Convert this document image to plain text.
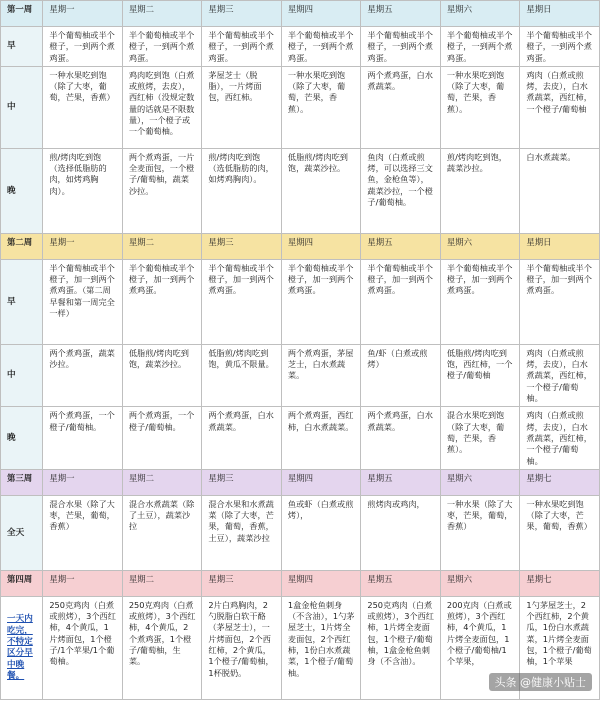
第一周	星期一	星期二	星期三	星期四	星期五	星期六	星期日
早	半个葡萄柚或半个橙子，一到两个煮鸡蛋。	半个葡萄柚或半个橙子，一到两个煮鸡蛋。	半个葡萄柚或半个橙子，一到两个煮鸡蛋。	半个葡萄柚或半个橙子，一到两个煮鸡蛋。	半个葡萄柚或半个橙子，一到两个煮鸡蛋。	半个葡萄柚或半个橙子，一到两个煮鸡蛋。	半个葡萄柚或半个橙子，一到两个煮鸡蛋。
中	一种水果吃到饱（除了大枣，葡萄，芒果，香蕉）	鸡肉吃到饱（白煮或煎烤，去皮），西红柿（没规定数量的话就是不限数量），一个橙子或一个葡萄柚。	茅屋芝士（脱脂），一片烤面包，西红柿。	一种水果吃到饱（除了大枣，葡萄，芒果，香蕉）。	两个煮鸡蛋，白水煮蔬菜。	一种水果吃到饱（除了大枣，葡萄，芒果，香蕉）。	鸡肉（白煮或煎烤，去皮），白水煮蔬菜，西红柿，一个橙子/葡萄柚
晚	煎/烤肉吃到饱（选择低脂肪的肉，如烤鸡胸肉）。	两个煮鸡蛋，一片全麦面包，一个橙子/葡萄柚，蔬菜沙拉。	煎/烤肉吃到饱（选低脂肪的肉，如烤鸡胸肉）。	低脂煎/烤肉吃到饱，蔬菜沙拉。	鱼肉（白煮或煎烤，可以选择三文鱼，金枪鱼等），蔬菜沙拉，一个橙子/葡萄柚。	煎/烤肉吃到饱，蔬菜沙拉。	白水煮蔬菜。
第二周	星期一	星期二	星期三	星期四	星期五	星期六	星期日
早	半个葡萄柚或半个橙子，加一到两个煮鸡蛋。（第二周早餐和第一周完全一样）	半个葡萄柚或半个橙子，加一到两个煮鸡蛋。	半个葡萄柚或半个橙子，加一到两个煮鸡蛋。	半个葡萄柚或半个橙子，加一到两个煮鸡蛋。	半个葡萄柚或半个橙子，加一到两个煮鸡蛋。	半个葡萄柚或半个橙子，加一到两个煮鸡蛋。	半个葡萄柚或半个橙子，加一到两个煮鸡蛋。
中	两个煮鸡蛋，蔬菜沙拉。	低脂煎/烤肉吃到饱，蔬菜沙拉。	低脂煎/烤肉吃到饱，黄瓜不限量。	两个煮鸡蛋，茅屋芝士，白水煮蔬菜。	鱼/虾（白煮或煎烤）	低脂煎/烤肉吃到饱，西红柿，一个橙子/葡萄柚	鸡肉（白煮或煎烤，去皮），白水煮蔬菜，西红柿，一个橙子/葡萄柚。
晚	两个煮鸡蛋，一个橙子/葡萄柚。	两个煮鸡蛋，一个橙子/葡萄柚。	两个煮鸡蛋，白水煮蔬菜。	两个煮鸡蛋，西红柿，白水煮蔬菜。	两个煮鸡蛋，白水煮蔬菜。	混合水果吃到饱（除了大枣，葡萄，芒果，香蕉）。	鸡肉（白煮或煎烤，去皮），白水煮蔬菜，西红柿，一个橙子/葡萄柚。
第三周	星期一	星期二	星期三	星期四	星期五	星期六	星期七
全天	混合水果（除了大枣，芒果，葡萄，香蕉）	混合水煮蔬菜（除了土豆），蔬菜沙拉	混合水果和水煮蔬菜（除了大枣，芒果，葡萄，香蕉，土豆），蔬菜沙拉	鱼或虾（白煮或煎烤），	煎烤肉或鸡肉，	一种水果（除了大枣，芒果，葡萄，香蕉）	一种水果吃到饱（除了大枣，芒果，葡萄，香蕉）
第四周	星期一	星期二	星期三	星期四	星期五	星期六	星期七
一天内吃完，不特定区分早中晚餐。	250克鸡肉（白煮或煎烤），3个西红柿，4个黄瓜，1片烤面包，1个橙子/1个苹果/1个葡萄柚。	250克鸡肉（白煮或煎烤），3个西红柿，4个黄瓜，2个煮鸡蛋，1个橙子/葡萄柚，生菜。	2片白鸡胸肉，2勺脱脂白软干酪（茅屋芝士），一片烤面包，2个西红柿，2个黄瓜，1个橙子/葡萄柚，1杯脱奶。	1盒金枪鱼刺身（不含油），1勺茅屋芝士，1片烤全麦面包，2个西红柿，1份白水煮蔬菜，1个橙子/葡萄柚。	250克鸡肉（白煮或煎烤），3个西红柿，1片烤全麦面包，1个橙子/葡萄柚，1盒金枪鱼刺身（不含油）。	200克肉（白煮或煎烤），3个西红柿，4个黄瓜，1片烤全麦面包，1个橙子/葡萄柚/1个苹果，	1勺茅屋芝士，2个西红柿，2个黄瓜，1份白水煮蔬菜，1片烤全麦面包，1个橙子/葡萄柚，1个苹果
头条 @健康小贴士
